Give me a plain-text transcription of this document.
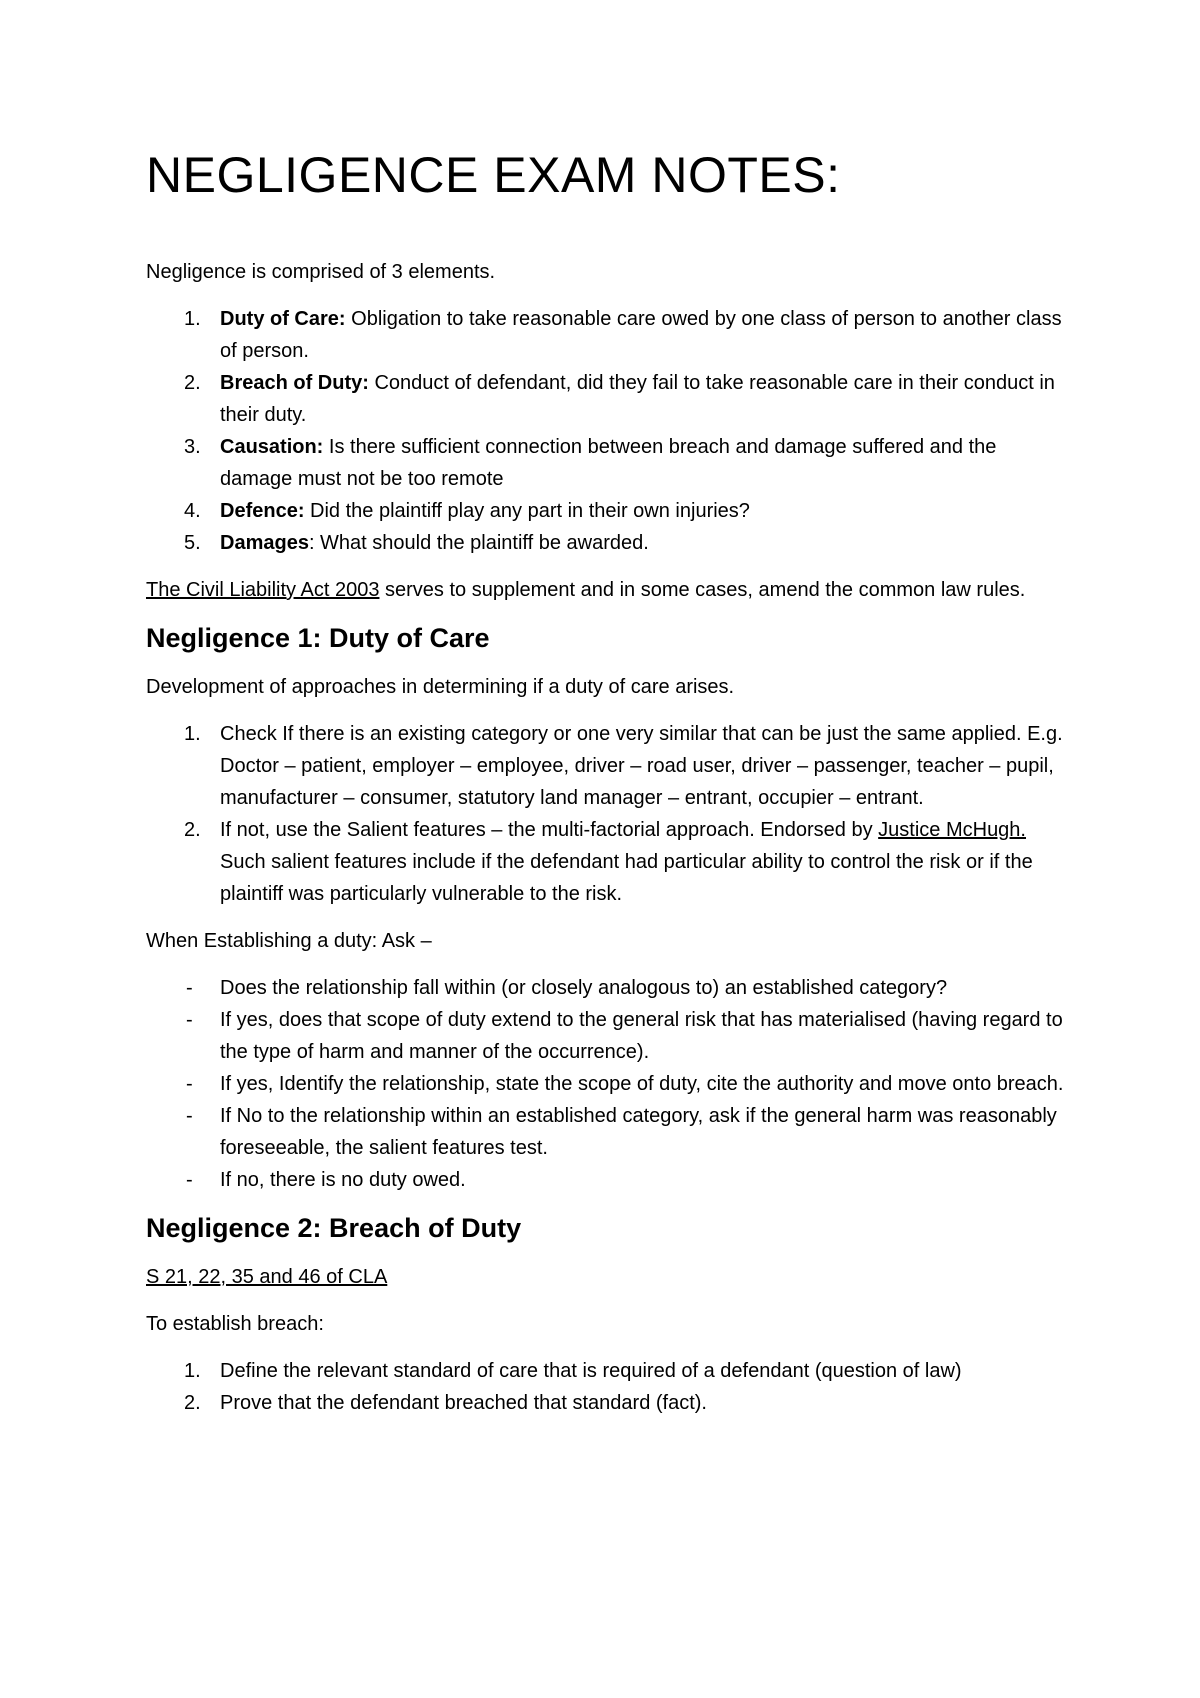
NEGLIGENCE EXAM NOTES:

Negligence is comprised of 3 elements.

1. Duty of Care: Obligation to take reasonable care owed by one class of person to another class of person.
2. Breach of Duty: Conduct of defendant, did they fail to take reasonable care in their conduct in their duty.
3. Causation: Is there sufficient connection between breach and damage suffered and the damage must not be too remote
4. Defence: Did the plaintiff play any part in their own injuries?
5. Damages: What should the plaintiff be awarded.

The Civil Liability Act 2003 serves to supplement and in some cases, amend the common law rules.

Negligence 1: Duty of Care

Development of approaches in determining if a duty of care arises.

1. Check If there is an existing category or one very similar that can be just the same applied. E.g. Doctor – patient, employer – employee, driver – road user, driver – passenger, teacher – pupil, manufacturer – consumer, statutory land manager – entrant, occupier – entrant.
2. If not, use the Salient features – the multi-factorial approach. Endorsed by Justice McHugh. Such salient features include if the defendant had particular ability to control the risk or if the plaintiff was particularly vulnerable to the risk.

When Establishing a duty: Ask –

- Does the relationship fall within (or closely analogous to) an established category?
- If yes, does that scope of duty extend to the general risk that has materialised (having regard to the type of harm and manner of the occurrence).
- If yes, Identify the relationship, state the scope of duty, cite the authority and move onto breach.
- If No to the relationship within an established category, ask if the general harm was reasonably foreseeable, the salient features test.
- If no, there is no duty owed.
Negligence 2: Breach of Duty

S 21, 22, 35 and 46 of CLA

To establish breach:

1. Define the relevant standard of care that is required of a defendant (question of law)
2. Prove that the defendant breached that standard (fact).
